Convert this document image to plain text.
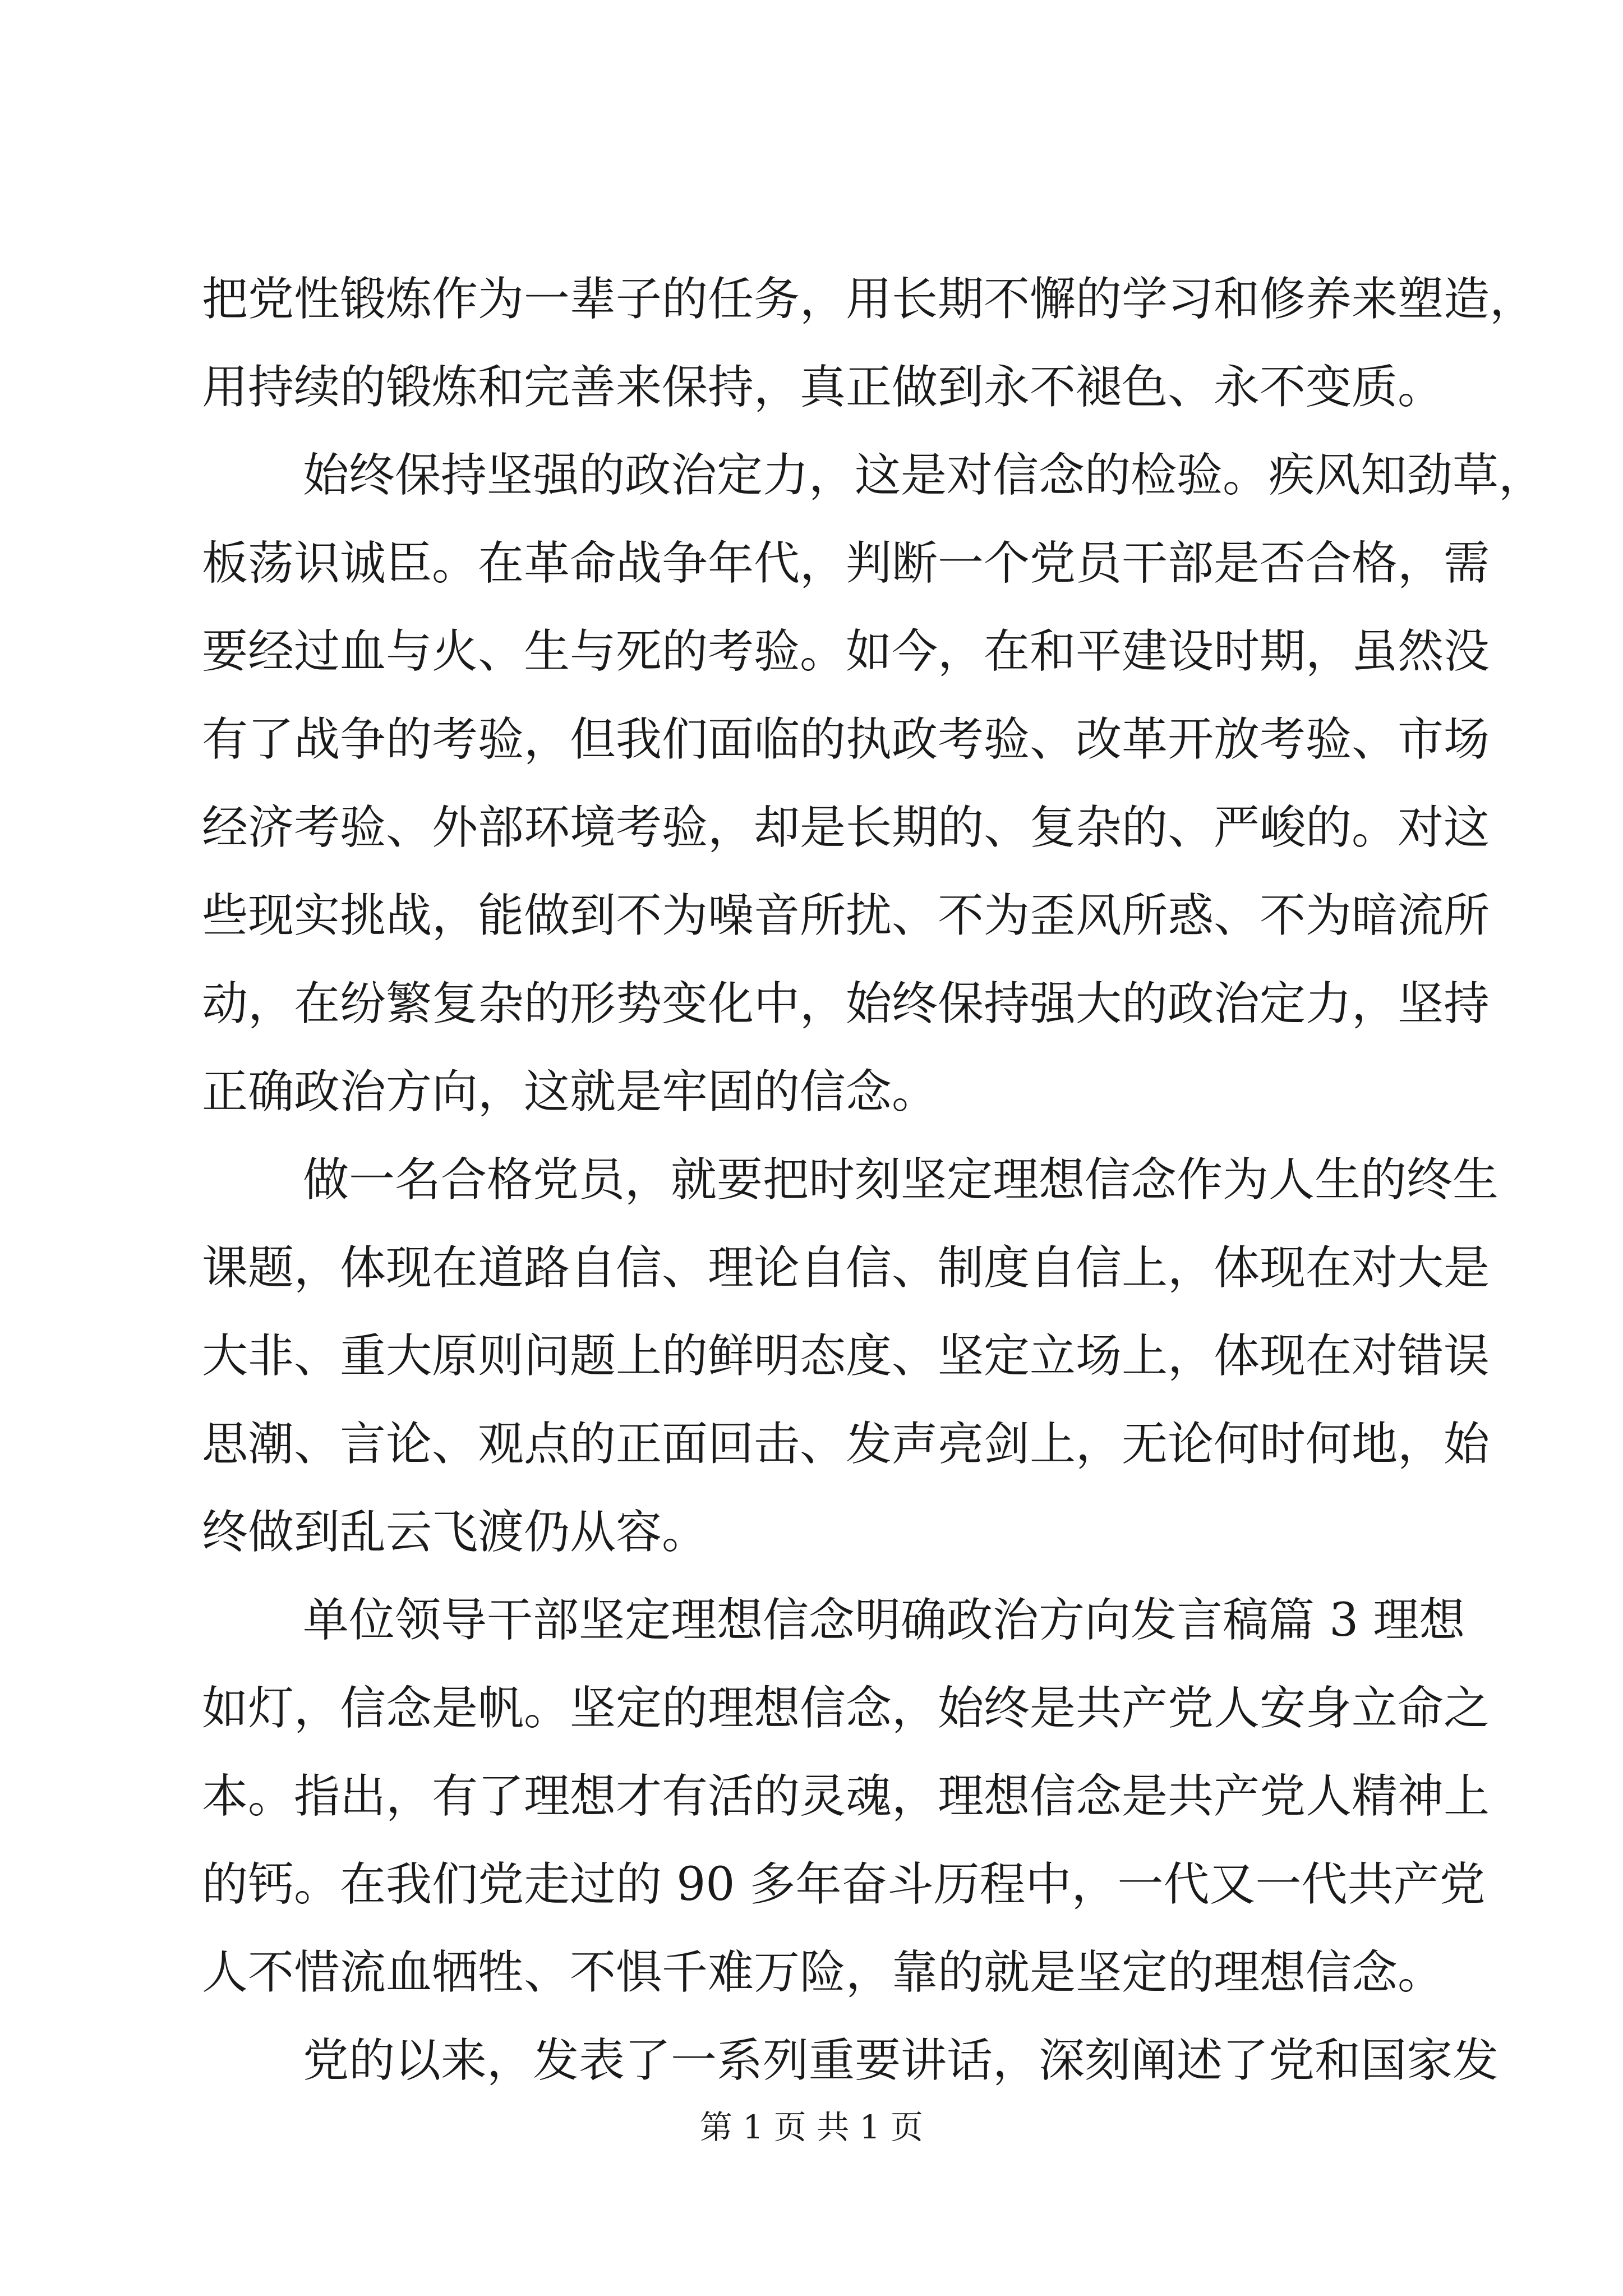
把党性锻炼作为一辈子的任务，用长期不懈的学习和修养来塑造，
用持续的锻炼和完善来保持，真正做到永不褪色、永不变质。
始终保持坚强的政治定力，这是对信念的检验。疾风知劲草，
板荡识诚臣。在革命战争年代，判断一个党员干部是否合格，需
要经过血与火、生与死的考验。如今，在和平建设时期，虽然没
有了战争的考验，但我们面临的执政考验、改革开放考验、市场
经济考验、外部环境考验，却是长期的、复杂的、严峻的。对这
些现实挑战，能做到不为噪音所扰、不为歪风所惑、不为暗流所
动，在纷繁复杂的形势变化中，始终保持强大的政治定力，坚持
正确政治方向，这就是牢固的信念。
做一名合格党员，就要把时刻坚定理想信念作为人生的终生
课题，体现在道路自信、理论自信、制度自信上，体现在对大是
大非、重大原则问题上的鲜明态度、坚定立场上，体现在对错误
思潮、言论、观点的正面回击、发声亮剑上，无论何时何地，始
终做到乱云飞渡仍从容。
单位领导干部坚定理想信念明确政治方向发言稿篇 3 理想
如灯，信念是帆。坚定的理想信念，始终是共产党人安身立命之
本。指出，有了理想才有活的灵魂，理想信念是共产党人精神上
的钙。在我们党走过的 90 多年奋斗历程中，一代又一代共产党
人不惜流血牺牲、不惧千难万险，靠的就是坚定的理想信念。
党的以来，发表了一系列重要讲话，深刻阐述了党和国家发
第 1 页 共 1 页
